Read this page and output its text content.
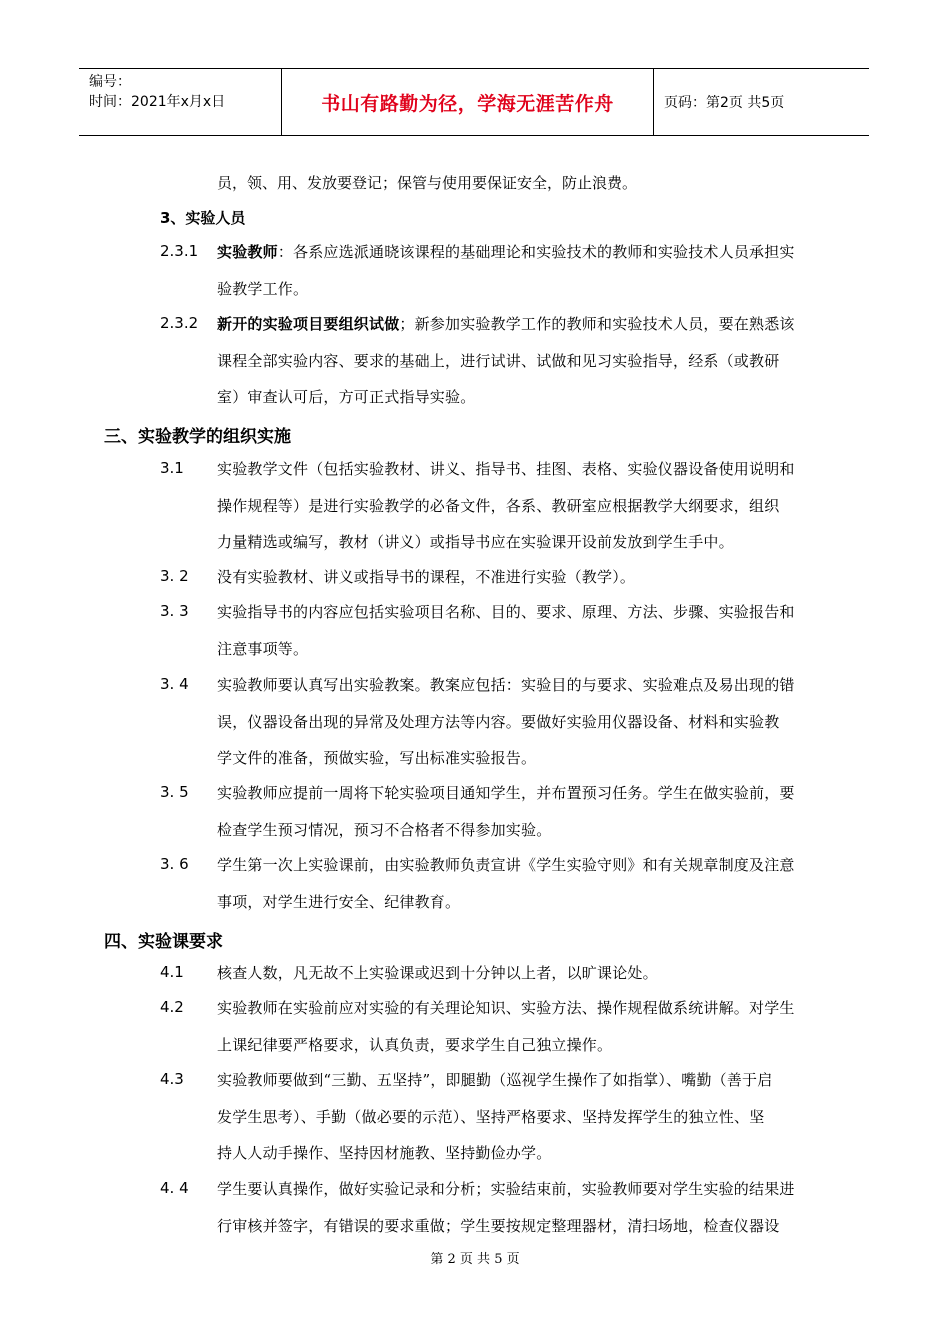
编号：
时间：2021年x月x日	书山有路勤为径，学海无涯苦作舟	页码：第2页 共5页
员，领、用、发放要登记；保管与使用要保证安全，防止浪费。
3、实验人员
2.3.1 实验教师：各系应选派通晓该课程的基础理论和实验技术的教师和实验技术人员承担实
验教学工作。
2.3.2 新开的实验项目要组织试做；新参加实验教学工作的教师和实验技术人员，要在熟悉该
课程全部实验内容、要求的基础上，进行试讲、试做和见习实验指导，经系（或教研
室）审查认可后，方可正式指导实验。
三、实验教学的组织实施
3.1 实验教学文件（包括实验教材、讲义、指导书、挂图、表格、实验仪器设备使用说明和
操作规程等）是进行实验教学的必备文件，各系、教研室应根据教学大纲要求，组织
力量精选或编写，教材（讲义）或指导书应在实验课开设前发放到学生手中。
3. 2 没有实验教材、讲义或指导书的课程，不准进行实验（教学）。
3. 3 实验指导书的内容应包括实验项目名称、目的、要求、原理、方法、步骤、实验报告和
注意事项等。
3. 4 实验教师要认真写出实验教案。教案应包括：实验目的与要求、实验难点及易出现的错
误，仪器设备出现的异常及处理方法等内容。要做好实验用仪器设备、材料和实验教
学文件的准备，预做实验，写出标准实验报告。
3. 5 实验教师应提前一周将下轮实验项目通知学生，并布置预习任务。学生在做实验前，要
检查学生预习情况，预习不合格者不得参加实验。
3. 6 学生第一次上实验课前，由实验教师负责宣讲《学生实验守则》和有关规章制度及注意
事项，对学生进行安全、纪律教育。
四、实验课要求
4.1 核查人数，凡无故不上实验课或迟到十分钟以上者，以旷课论处。
4.2 实验教师在实验前应对实验的有关理论知识、实验方法、操作规程做系统讲解。对学生
上课纪律要严格要求，认真负责，要求学生自己独立操作。
4.3 实验教师要做到“三勤、五坚持”，即腿勤（巡视学生操作了如指掌）、嘴勤（善于启
发学生思考）、手勤（做必要的示范）、坚持严格要求、坚持发挥学生的独立性、坚
持人人动手操作、坚持因材施教、坚持勤俭办学。
4. 4 学生要认真操作，做好实验记录和分析；实验结束前，实验教师要对学生实验的结果进
行审核并签字，有错误的要求重做；学生要按规定整理器材，清扫场地，检查仪器设
第 2 页 共 5 页
